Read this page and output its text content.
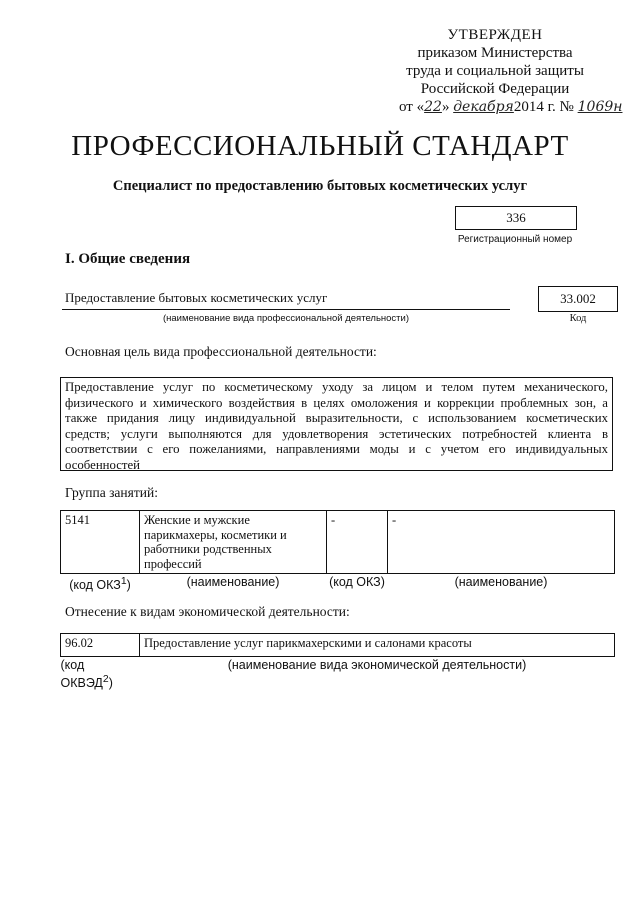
УТВЕРЖДЕН
приказом Министерства
труда и социальной защиты
Российской Федерации
от «22» декабря2014 г. № 1069н
ПРОФЕССИОНАЛЬНЫЙ СТАНДАРТ
Специалист по предоставлению бытовых косметических услуг
336
Регистрационный номер
I. Общие сведения
Предоставление бытовых косметических услуг
(наименование вида профессиональной деятельности)
33.002
Код
Основная цель вида профессиональной деятельности:
Предоставление услуг по косметическому уходу за лицом и телом путем механического, физического и химического воздействия в целях омоложения и коррекции проблемных зон, а также придания лицу индивидуальной выразительности, с использованием косметических средств; услуги выполняются для удовлетворения эстетических потребностей клиента в соответствии с его пожеланиями, направлениями моды и с учетом его индивидуальных особенностей
Группа занятий:
5141	Женские и мужские парикмахеры, косметики и работники родственных профессий	-	-
(код ОКЗ$^1$)	(наименование)	(код ОКЗ)	(наименование)
Отнесение к видам экономической деятельности:
96.02	Предоставление услуг парикмахерскими и салонами красоты
(код ОКВЭД$^2$)	(наименование вида экономической деятельности)
